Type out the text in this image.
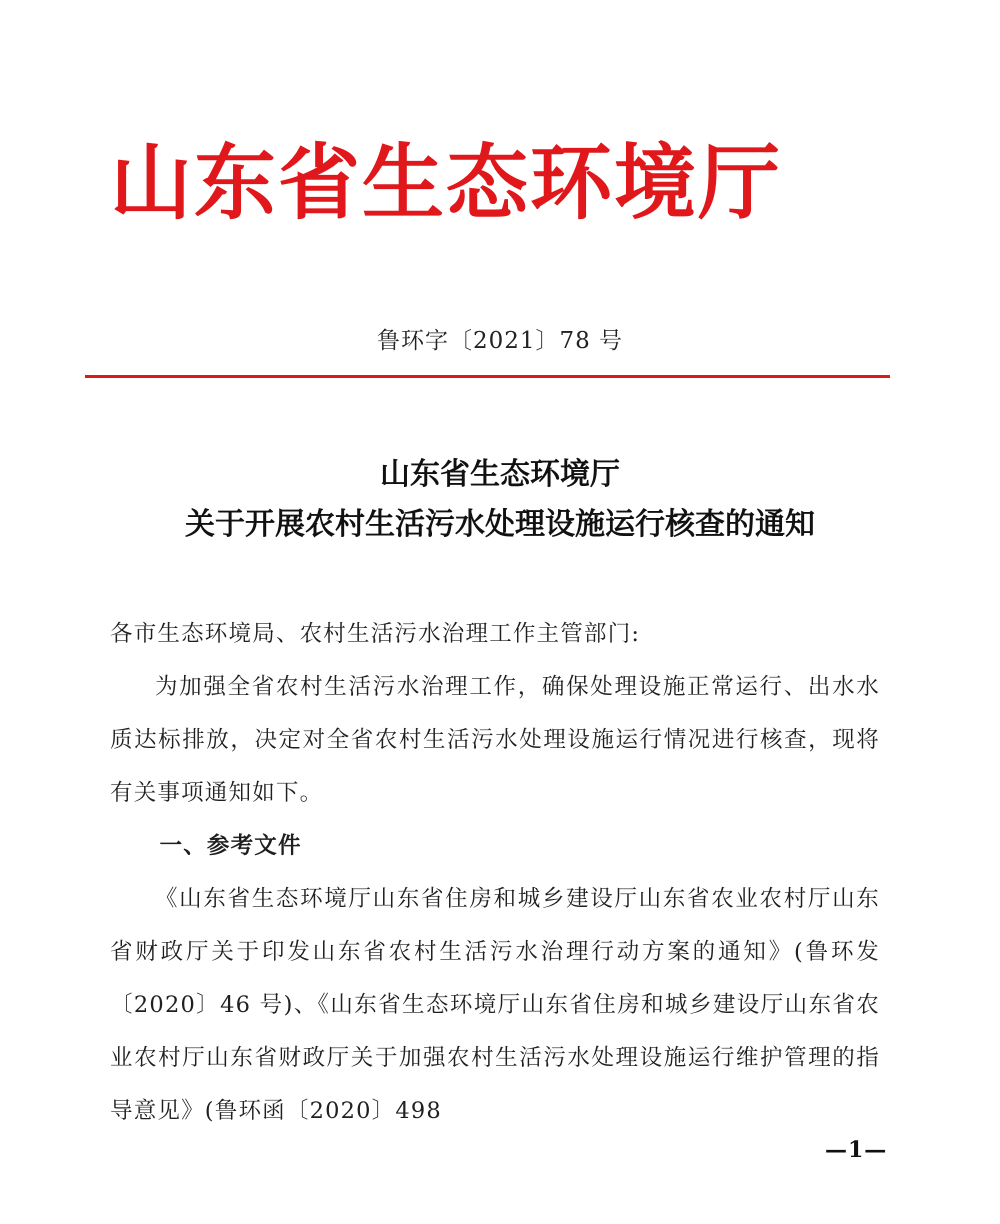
山东省生态环境厅
鲁环字〔2021〕78 号
山东省生态环境厅
关于开展农村生活污水处理设施运行核查的通知

各市生态环境局、农村生活污水治理工作主管部门:

为加强全省农村生活污水治理工作，确保处理设施正常运行、出水水质达标排放，决定对全省农村生活污水处理设施运行情况进行核查，现将有关事项通知如下。

一、参考文件

《山东省生态环境厅山东省住房和城乡建设厅山东省农业农村厅山东省财政厅关于印发山东省农村生活污水治理行动方案的通知》(鲁环发〔2020〕46 号)、《山东省生态环境厅山东省住房和城乡建设厅山东省农业农村厅山东省财政厅关于加强农村生活污水处理设施运行维护管理的指导意见》(鲁环函〔2020〕498

—1—
